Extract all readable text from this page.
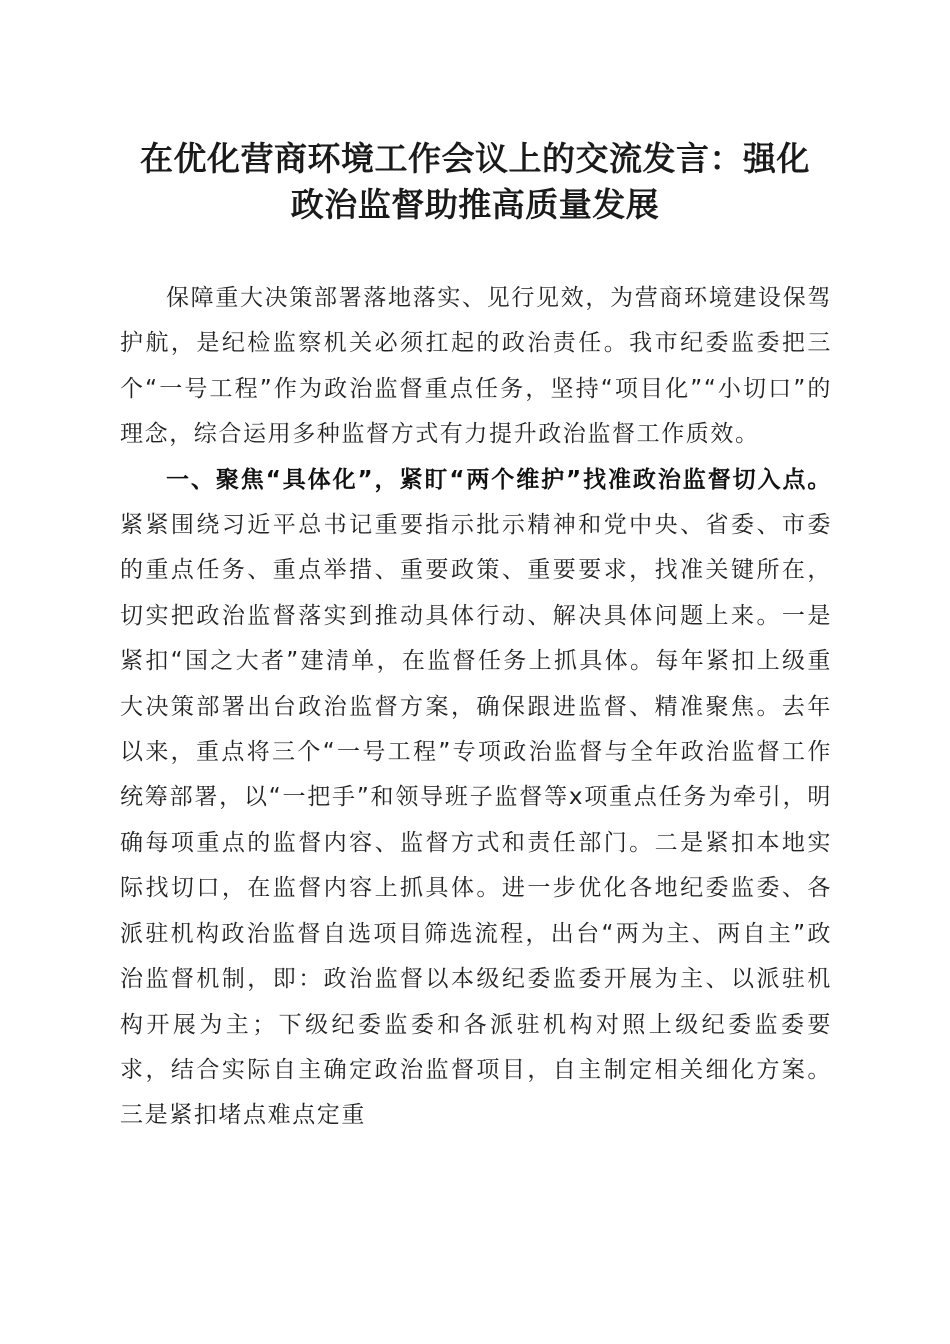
在优化营商环境工作会议上的交流发言：强化
政治监督助推高质量发展

保障重大决策部署落地落实、见行见效，为营商环境建设保驾护航，是纪检监察机关必须扛起的政治责任。我市纪委监委把三个“一号工程”作为政治监督重点任务，坚持“项目化”“小切口”的理念，综合运用多种监督方式有力提升政治监督工作质效。

一、聚焦“具体化”，紧盯“两个维护”找准政治监督切入点。紧紧围绕习近平总书记重要指示批示精神和党中央、省委、市委的重点任务、重点举措、重要政策、重要要求，找准关键所在，切实把政治监督落实到推动具体行动、解决具体问题上来。一是紧扣“国之大者”建清单，在监督任务上抓具体。每年紧扣上级重大决策部署出台政治监督方案，确保跟进监督、精准聚焦。去年以来，重点将三个“一号工程”专项政治监督与全年政治监督工作统筹部署，以“一把手”和领导班子监督等x项重点任务为牵引，明确每项重点的监督内容、监督方式和责任部门。二是紧扣本地实际找切口，在监督内容上抓具体。进一步优化各地纪委监委、各派驻机构政治监督自选项目筛选流程，出台“两为主、两自主”政治监督机制，即：政治监督以本级纪委监委开展为主、以派驻机构开展为主；下级纪委监委和各派驻机构对照上级纪委监委要求，结合实际自主确定政治监督项目，自主制定相关细化方案。三是紧扣堵点难点定重
